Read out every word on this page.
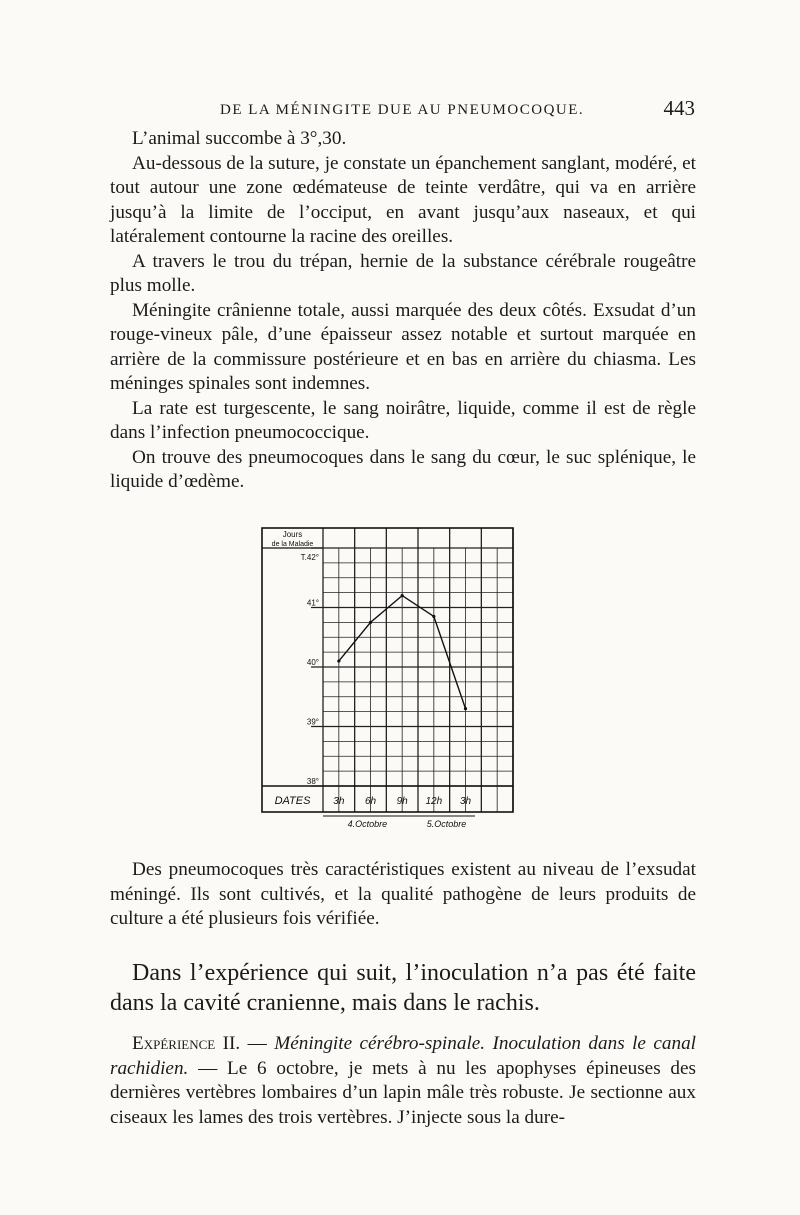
DE LA MÉNINGITE DUE AU PNEUMOCOQUE.	443

L’animal succombe à 3°,30.

Au-dessous de la suture, je constate un épanchement sanglant, modéré, et tout autour une zone œdémateuse de teinte verdâtre, qui va en arrière jusqu’à la limite de l’occiput, en avant jusqu’aux naseaux, et qui latéralement contourne la racine des oreilles.

A travers le trou du trépan, hernie de la substance cérébrale rougeâtre plus molle.

Méningite crânienne totale, aussi marquée des deux côtés. Exsudat d’un rouge-vineux pâle, d’une épaisseur assez notable et surtout marquée en arrière de la commissure postérieure et en bas en arrière du chiasma. Les méninges spinales sont indemnes.

La rate est turgescente, le sang noirâtre, liquide, comme il est de règle dans l’infection pneumococcique.

On trouve des pneumocoques dans le sang du cœur, le suc splénique, le liquide d’œdème.

Jours
de la Maladie
T.42°
41°
40°
39°
38°
DATES 3h 6h 9h 12h 3h
4.Octobre	5.Octobre

Des pneumocoques très caractéristiques existent au niveau de l’exsudat méningé. Ils sont cultivés, et la qualité pathogène de leurs produits de culture a été plusieurs fois vérifiée.

Dans l’expérience qui suit, l’inoculation n’a pas été faite dans la cavité cranienne, mais dans le rachis.

Expérience II. — Méningite cérébro-spinale. Inoculation dans le canal rachidien. — Le 6 octobre, je mets à nu les apophyses épineuses des dernières vertèbres lombaires d’un lapin mâle très robuste. Je sectionne aux ciseaux les lames des trois vertèbres. J’injecte sous la dure-
